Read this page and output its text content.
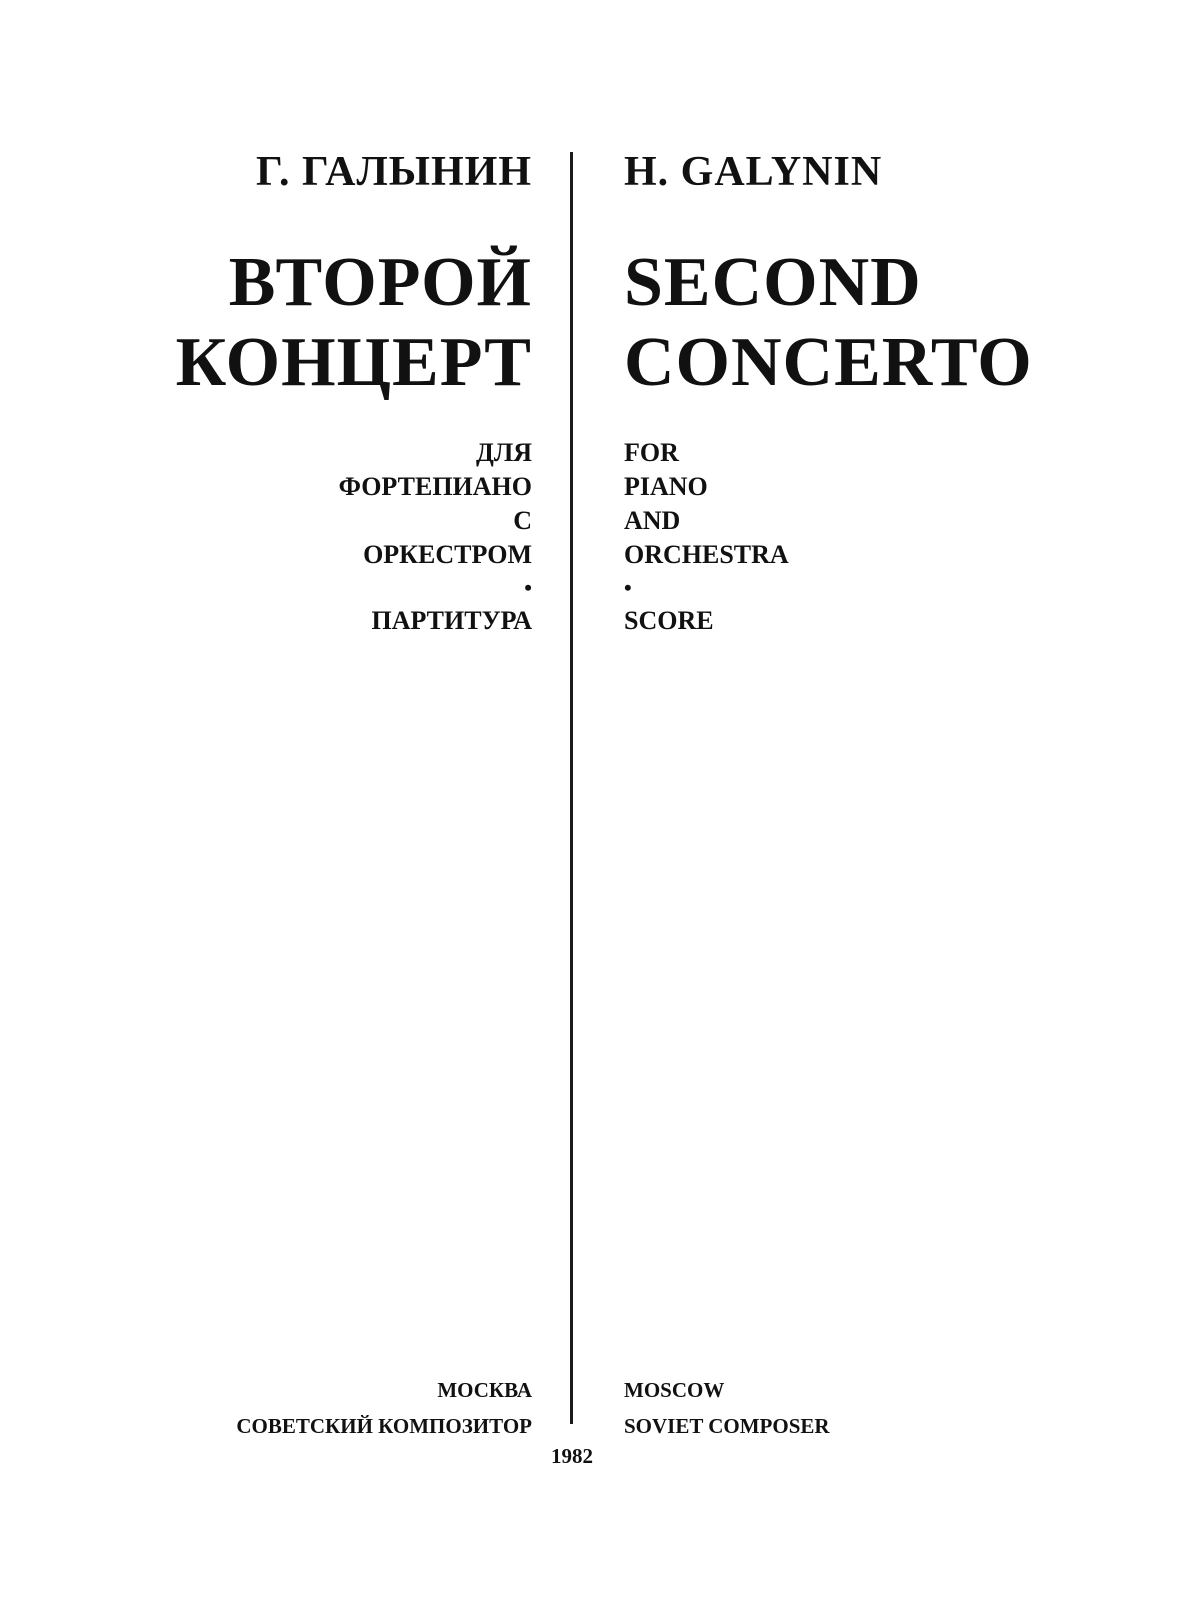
Г. ГАЛЫНИН
ВТОРОЙ
КОНЦЕРТ
ДЛЯ
ФОРТЕПИАНО
С
ОРКЕСТРОМ
•
ПАРТИТУРА
МОСКВА
СОВЕТСКИЙ КОМПОЗИТОР
H. GALYNIN
SECOND
CONCERTO
FOR
PIANO
AND
ORCHESTRA
•
SCORE
MOSCOW
SOVIET COMPOSER
1982
